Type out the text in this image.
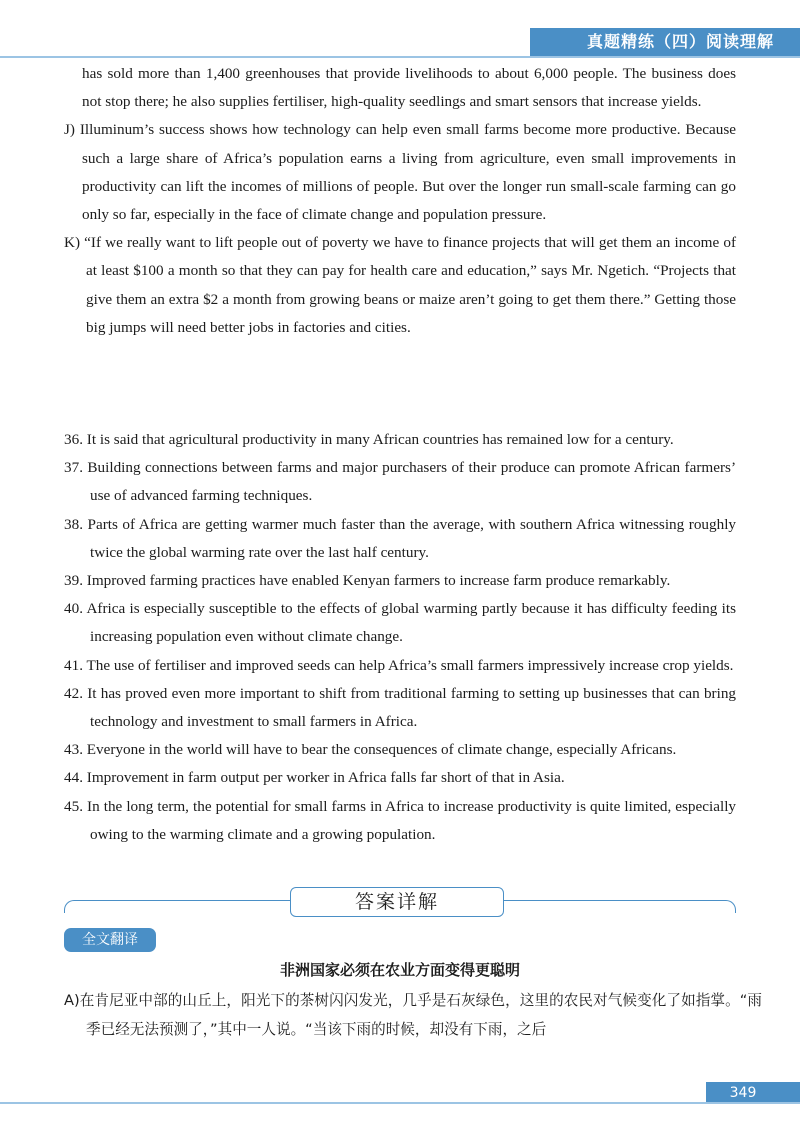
真题精练（四）阅读理解

has sold more than 1,400 greenhouses that provide livelihoods to about 6,000 people. The business does not stop there; he also supplies fertiliser, high-quality seedlings and smart sensors that increase yields.

J) Illuminum’s success shows how technology can help even small farms become more productive. Because such a large share of Africa’s population earns a living from agriculture, even small improvements in productivity can lift the incomes of millions of people. But over the longer run small-scale farming can go only so far, especially in the face of climate change and population pressure.

K) “If we really want to lift people out of poverty we have to finance projects that will get them an income of at least $100 a month so that they can pay for health care and education,” says Mr. Ngetich. “Projects that give them an extra $2 a month from growing beans or maize aren’t going to get them there.” Getting those big jumps will need better jobs in factories and cities.

36. It is said that agricultural productivity in many African countries has remained low for a century.

37. Building connections between farms and major purchasers of their produce can promote African farmers’ use of advanced farming techniques.

38. Parts of Africa are getting warmer much faster than the average, with southern Africa witnessing roughly twice the global warming rate over the last half century.

39. Improved farming practices have enabled Kenyan farmers to increase farm produce remarkably.

40. Africa is especially susceptible to the effects of global warming partly because it has difficulty feeding its increasing population even without climate change.

41. The use of fertiliser and improved seeds can help Africa’s small farmers impressively increase crop yields.

42. It has proved even more important to shift from traditional farming to setting up businesses that can bring technology and investment to small farmers in Africa.

43. Everyone in the world will have to bear the consequences of climate change, especially Africans.

44. Improvement in farm output per worker in Africa falls far short of that in Asia.

45. In the long term, the potential for small farms in Africa to increase productivity is quite limited, especially owing to the warming climate and a growing population.

答案详解
全文翻译
非洲国家必须在农业方面变得更聪明

A)在肯尼亚中部的山丘上，阳光下的茶树闪闪发光，几乎是石灰绿色，这里的农民对气候变化了如指掌。“雨季已经无法预测了，”其中一人说。“当该下雨的时候，却没有下雨，之后

349
